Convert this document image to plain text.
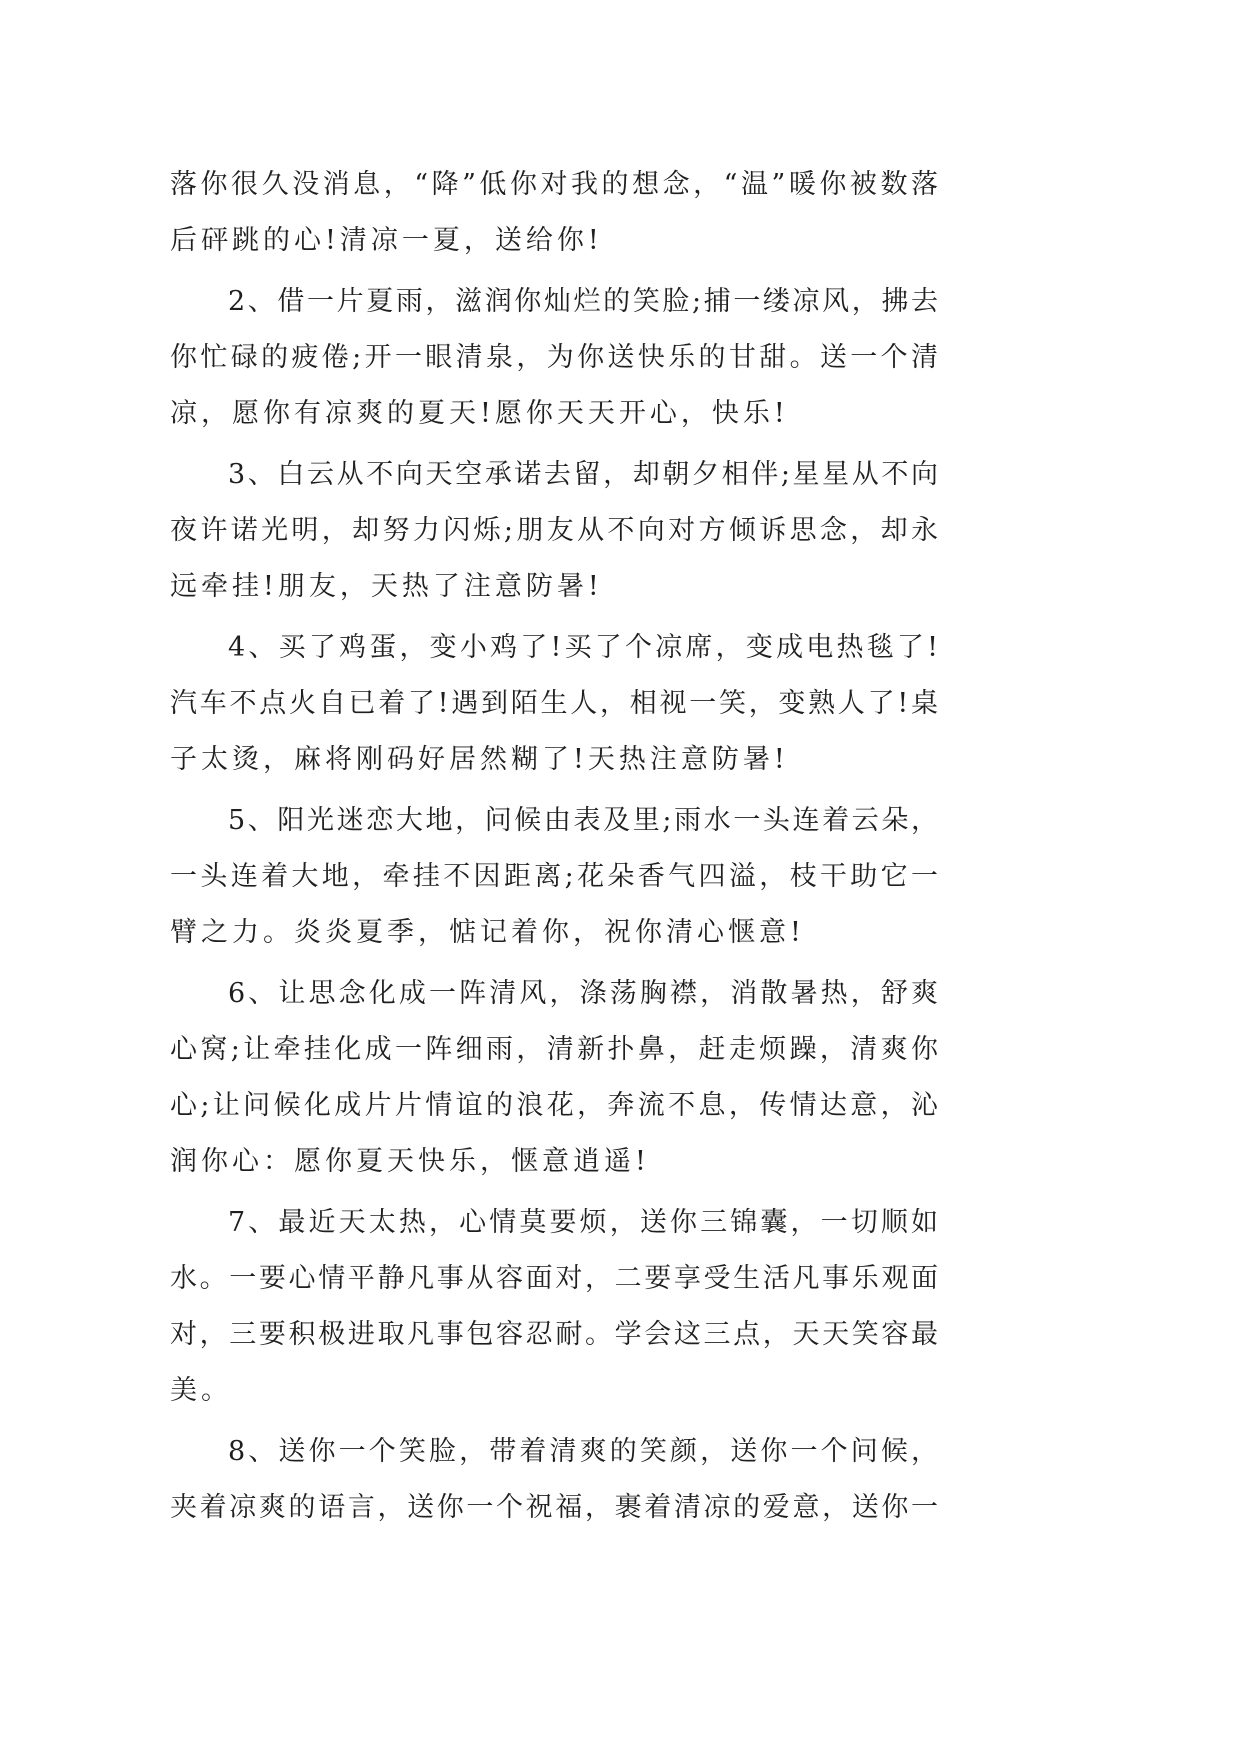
落你很久没消息，“降”低你对我的想念，“温”暖你被数落
后砰跳的心!清凉一夏，送给你!
2、借一片夏雨，滋润你灿烂的笑脸;捕一缕凉风，拂去
你忙碌的疲倦;开一眼清泉，为你送快乐的甘甜。送一个清
凉，愿你有凉爽的夏天!愿你天天开心，快乐!
3、白云从不向天空承诺去留，却朝夕相伴;星星从不向
夜许诺光明，却努力闪烁;朋友从不向对方倾诉思念，却永
远牵挂!朋友，天热了注意防暑!
4、买了鸡蛋，变小鸡了!买了个凉席，变成电热毯了!
汽车不点火自已着了!遇到陌生人，相视一笑，变熟人了!桌
子太烫，麻将刚码好居然糊了!天热注意防暑!
5、阳光迷恋大地，问候由表及里;雨水一头连着云朵，
一头连着大地，牵挂不因距离;花朵香气四溢，枝干助它一
臂之力。炎炎夏季，惦记着你，祝你清心惬意!
6、让思念化成一阵清风，涤荡胸襟，消散暑热，舒爽
心窝;让牵挂化成一阵细雨，清新扑鼻，赶走烦躁，清爽你
心;让问候化成片片情谊的浪花，奔流不息，传情达意，沁
润你心：愿你夏天快乐，惬意逍遥!
7、最近天太热，心情莫要烦，送你三锦囊，一切顺如
水。一要心情平静凡事从容面对，二要享受生活凡事乐观面
对，三要积极进取凡事包容忍耐。学会这三点，天天笑容最
美。
8、送你一个笑脸，带着清爽的笑颜，送你一个问候，
夹着凉爽的语言，送你一个祝福，裹着清凉的爱意，送你一
